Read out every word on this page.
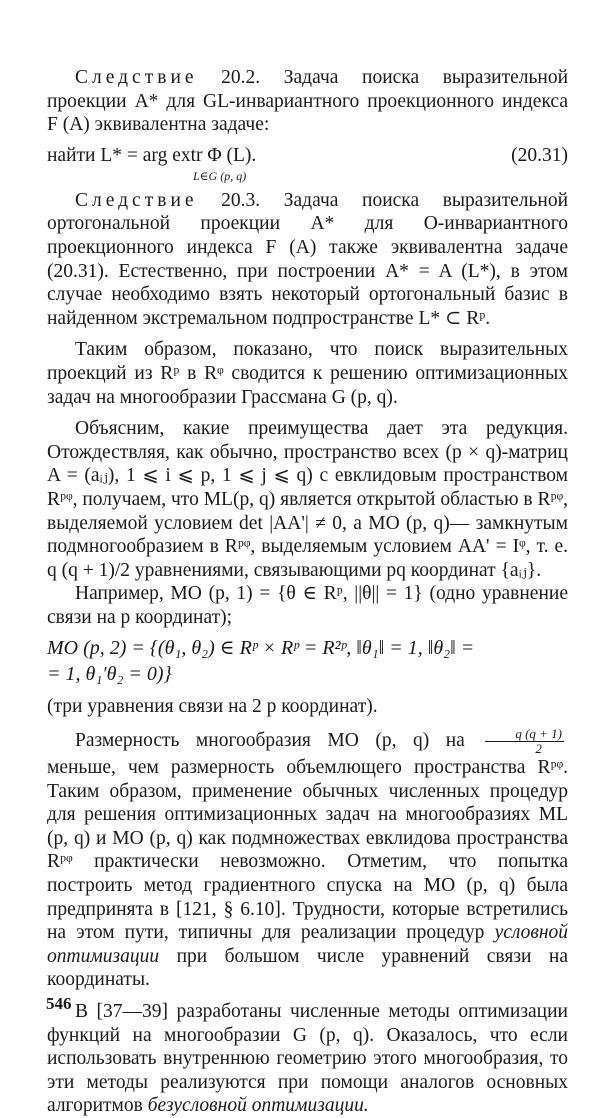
Следствие 20.2. Задача поиска выразительной проекции A* для GL-инвариантного проекционного индекса F (A) эквивалентна задаче:

найти L* = arg extr Φ (L).
L∈G (p, q)
(20.31)

Следствие 20.3. Задача поиска выразительной ортогональной проекции A* для O-инвариантного проекционного индекса F (A) также эквивалентна задаче (20.31). Естественно, при построении A* = A (L*), в этом случае необходимо взять некоторый ортогональный базис в найденном экстремальном подпространстве L* ⊂ Rᵖ.

Таким образом, показано, что поиск выразительных проекций из Rᵖ в Rᵠ сводится к решению оптимизационных задач на многообразии Грассмана G (p, q).

Объясним, какие преимущества дает эта редукция. Отождествляя, как обычно, пространство всех (p × q)-матриц A = (aᵢⱼ), 1 ⩽ i ⩽ p, 1 ⩽ j ⩽ q) с евклидовым пространством Rᵖᵠ, получаем, что ML(p, q) является открытой областью в Rᵖᵠ, выделяемой условием det |AA'| ≠ 0, а MO (p, q)— замкнутым подмногообразием в Rᵖᵠ, выделяемым условием AA' = Iᵠ, т. е. q (q + 1)/2 уравнениями, связывающими pq координат {aᵢⱼ}.

Например, MO (p, 1) = {θ ∈ Rᵖ, ||θ|| = 1} (одно уравнение связи на p координат);

MO (p, 2) = {(θ₁, θ₂) ∈ Rᵖ × Rᵖ = R²ᵖ, ‖θ₁‖ = 1, ‖θ₂‖ =
= 1, θ₁′θ₂ = 0)}

(три уравнения связи на 2 p координат).

Размерность многообразия MO (p, q) на $\frac{q (q + 1)}{2}$
меньше, чем размерность объемлющего пространства Rᵖᵠ. Таким образом, применение обычных численных процедур для решения оптимизационных задач на многообразиях ML (p, q) и MO (p, q) как подмножествах евклидова пространства Rᵖᵠ практически невозможно. Отметим, что попытка построить метод градиентного спуска на MO (p, q) была предпринята в [121, § 6.10]. Трудности, которые встретились на этом пути, типичны для реализации процедур условной оптимизации при большом числе уравнений связи на координаты.

В [37—39] разработаны численные методы оптимизации функций на многообразии G (p, q). Оказалось, что если использовать внутреннюю геометрию этого многообразия, то эти методы реализуются при помощи аналогов основных алгоритмов безусловной оптимизации.

546
